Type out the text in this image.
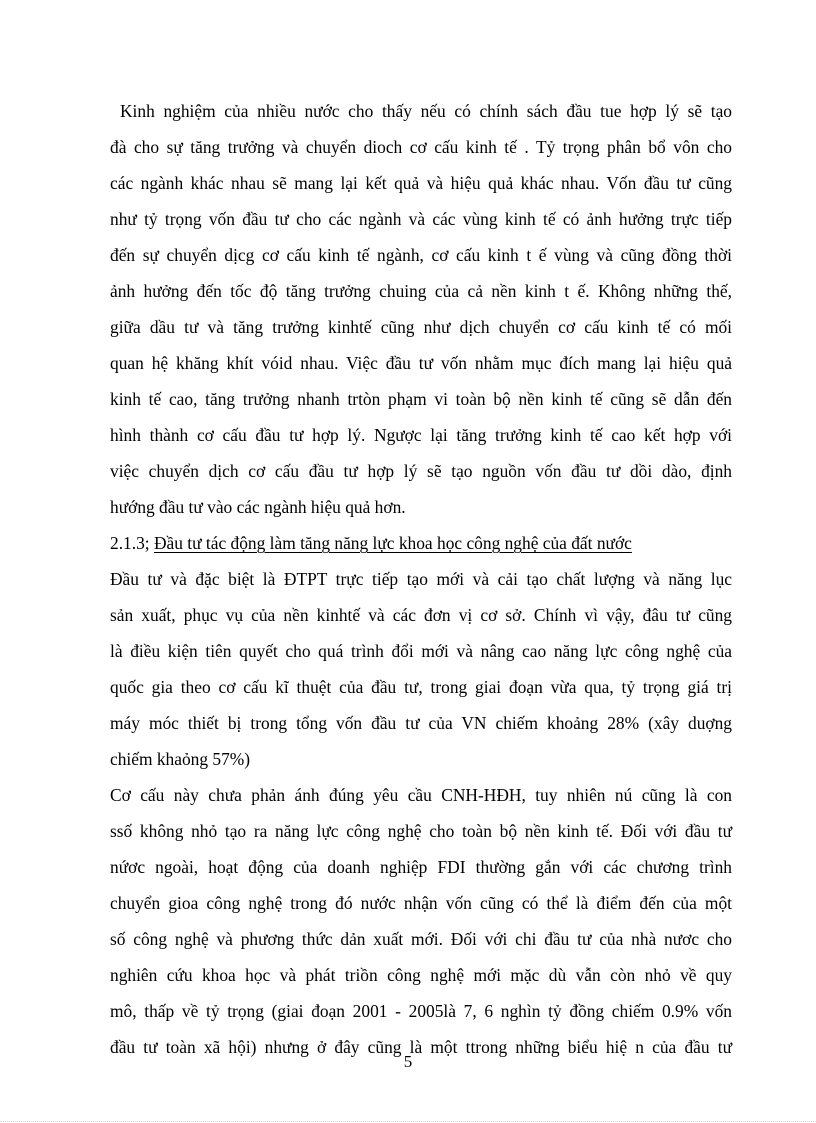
Kinh nghiệm của nhiều nước cho thấy nếu có chính sách đầu tue hợp lý sẽ tạo
đà cho sự tăng trưởng và chuyển dioch cơ cấu kinh tế . Tỷ trọng phân bổ vôn cho
các ngành khác nhau sẽ mang lại kết quả và hiệu quả khác nhau. Vốn đầu tư cũng
như tỷ trọng vốn đầu tư cho các ngành và các vùng kinh tế có ảnh hưởng trực tiếp
đến sự chuyển dịcg cơ cấu kinh tế ngành, cơ cấu kinh t ế vùng và cũng đồng thời
ảnh hưởng đến tốc độ tăng trưởng chuing của cả nền kinh t ế. Không những thế,
giữa dầu tư và tăng trưởng kinhtế cũng như dịch chuyển cơ cấu kinh tế có mối
quan hệ khăng khít vóid nhau. Việc đầu tư vốn nhằm mục đích mang lại hiệu quả
kinh tế cao, tăng trưởng nhanh trtòn phạm vi toàn bộ nền kinh tế cũng sẽ dẫn đến
hình thành cơ cấu đầu tư hợp lý. Ngược lại tăng trưởng kinh tế cao kết hợp với
việc chuyển dịch cơ cấu đầu tư hợp lý sẽ tạo nguồn vốn đầu tư dồi dào, định
hướng đầu tư vào các ngành hiệu quả hơn.
2.1.3; Đầu tư tác động làm tăng năng lực khoa học công nghệ của đất nước
Đầu tư và đặc biệt là ĐTPT trực tiếp tạo mới và cải tạo chất lượng và năng lục
sản xuất, phục vụ của nền kinhtế và các đơn vị cơ sở. Chính vì vậy, đâu tư cũng
là điều kiện tiên quyết cho quá trình đổi mới và nâng cao năng lực công nghệ của
quốc gia theo cơ cấu kĩ thuệt của đầu tư, trong giai đoạn vừa qua, tỷ trọng giá trị
máy móc thiết bị trong tổng vốn đầu tư của VN chiếm khoảng 28% (xây duợng
chiếm khaỏng 57%)
Cơ cấu này chưa phản ánh đúng yêu cầu CNH-HĐH, tuy nhiên nú cũng là con
ssố không nhỏ tạo ra năng lực công nghệ cho toàn bộ nền kinh tế. Đối với đầu tư
nứơc ngoài, hoạt động của doanh nghiệp FDI thường gắn với các chương trình
chuyển gioa công nghệ trong đó nước nhận vốn cũng có thể là điểm đến của một
số công nghệ và phương thức dản xuất mới. Đối với chi đầu tư của nhà nươc cho
nghiên cứu khoa học và phát triồn công nghệ mới mặc dù vẫn còn nhỏ về quy
mô, thấp về tỷ trọng (giai đoạn 2001 - 2005là 7, 6 nghìn tỷ đồng chiếm 0.9% vốn
đầu tư toàn xã hội) nhưng ở đây cũng là một ttrong những biểu hiệ n của đầu tư
5
